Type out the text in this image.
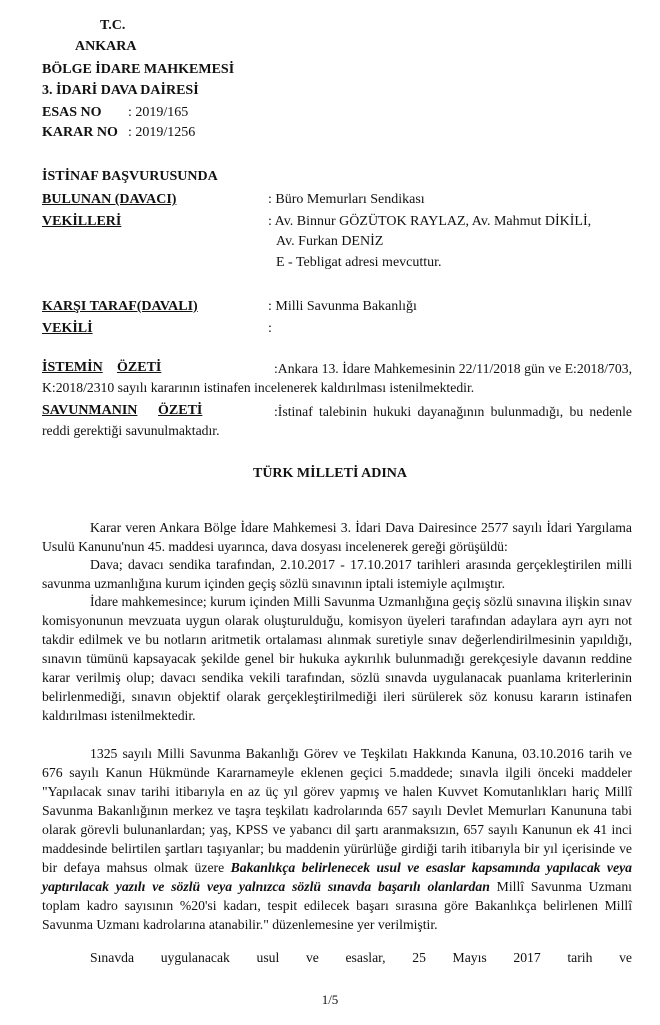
T.C.
ANKARA
BÖLGE İDARE MAHKEMESİ
3. İDARİ DAVA DAİRESİ
ESAS NO : 2019/165
KARAR NO : 2019/1256
İSTİNAF BAŞVURUSUNDA
BULUNAN (DAVACI)	: Büro Memurları Sendikası
VEKİLLERİ	: Av. Binnur GÖZÜTOK RAYLAZ, Av. Mahmut DİKİLİ,
Av. Furkan DENİZ
E - Tebligat adresi mevcuttur.
KARŞI TARAF(DAVALI)	: Milli Savunma Bakanlığı
VEKİLİ	:
İSTEMİN ÖZETİ	:Ankara 13. İdare Mahkemesinin 22/11/2018 gün ve E:2018/703, K:2018/2310 sayılı kararının istinafen incelenerek kaldırılması istenilmektedir.
SAVUNMANIN ÖZETİ	:İstinaf talebinin hukuki dayanağının bulunmadığı, bu nedenle reddi gerektiği savunulmaktadır.
TÜRK MİLLETİ ADINA

Karar veren Ankara Bölge İdare Mahkemesi 3. İdari Dava Dairesince 2577 sayılı İdari Yargılama Usulü Kanunu'nun 45. maddesi uyarınca, dava dosyası incelenerek gereği görüşüldü:

Dava; davacı sendika tarafından, 2.10.2017 - 17.10.2017 tarihleri arasında gerçekleştirilen milli savunma uzmanlığına kurum içinden geçiş sözlü sınavının iptali istemiyle açılmıştır.

İdare mahkemesince; kurum içinden Milli Savunma Uzmanlığına geçiş sözlü sınavına ilişkin sınav komisyonunun mevzuata uygun olarak oluşturulduğu, komisyon üyeleri tarafından adaylara ayrı ayrı not takdir edilmek ve bu notların aritmetik ortalaması alınmak suretiyle sınav değerlendirilmesinin yapıldığı, sınavın tümünü kapsayacak şekilde genel bir hukuka aykırılık bulunmadığı gerekçesiyle davanın reddine karar verilmiş olup; davacı sendika vekili tarafından, sözlü sınavda uygulanacak puanlama kriterlerinin belirlenmediği, sınavın objektif olarak gerçekleştirilmediği ileri sürülerek söz konusu kararın istinafen kaldırılması istenilmektedir.

1325 sayılı Milli Savunma Bakanlığı Görev ve Teşkilatı Hakkında Kanuna, 03.10.2016 tarih ve 676 sayılı Kanun Hükmünde Kararnameyle eklenen geçici 5.maddede; sınavla ilgili önceki maddeler "Yapılacak sınav tarihi itibarıyla en az üç yıl görev yapmış ve halen Kuvvet Komutanlıkları hariç Millî Savunma Bakanlığının merkez ve taşra teşkilatı kadrolarında 657 sayılı Devlet Memurları Kanununa tabi olarak görevli bulunanlardan; yaş, KPSS ve yabancı dil şartı aranmaksızın, 657 sayılı Kanunun ek 41 inci maddesinde belirtilen şartları taşıyanlar; bu maddenin yürürlüğe girdiği tarih itibarıyla bir yıl içerisinde ve bir defaya mahsus olmak üzere Bakanlıkça belirlenecek usul ve esaslar kapsamında yapılacak veya yaptırılacak yazılı ve sözlü veya yalnızca sözlü sınavda başarılı olanlardan Millî Savunma Uzmanı toplam kadro sayısının %20'si kadarı, tespit edilecek başarı sırasına göre Bakanlıkça belirlenen Millî Savunma Uzmanı kadrolarına atanabilir." düzenlemesine yer verilmiştir.

Sınavda uygulanacak usul ve esaslar, 25 Mayıs 2017 tarih ve

1/5
